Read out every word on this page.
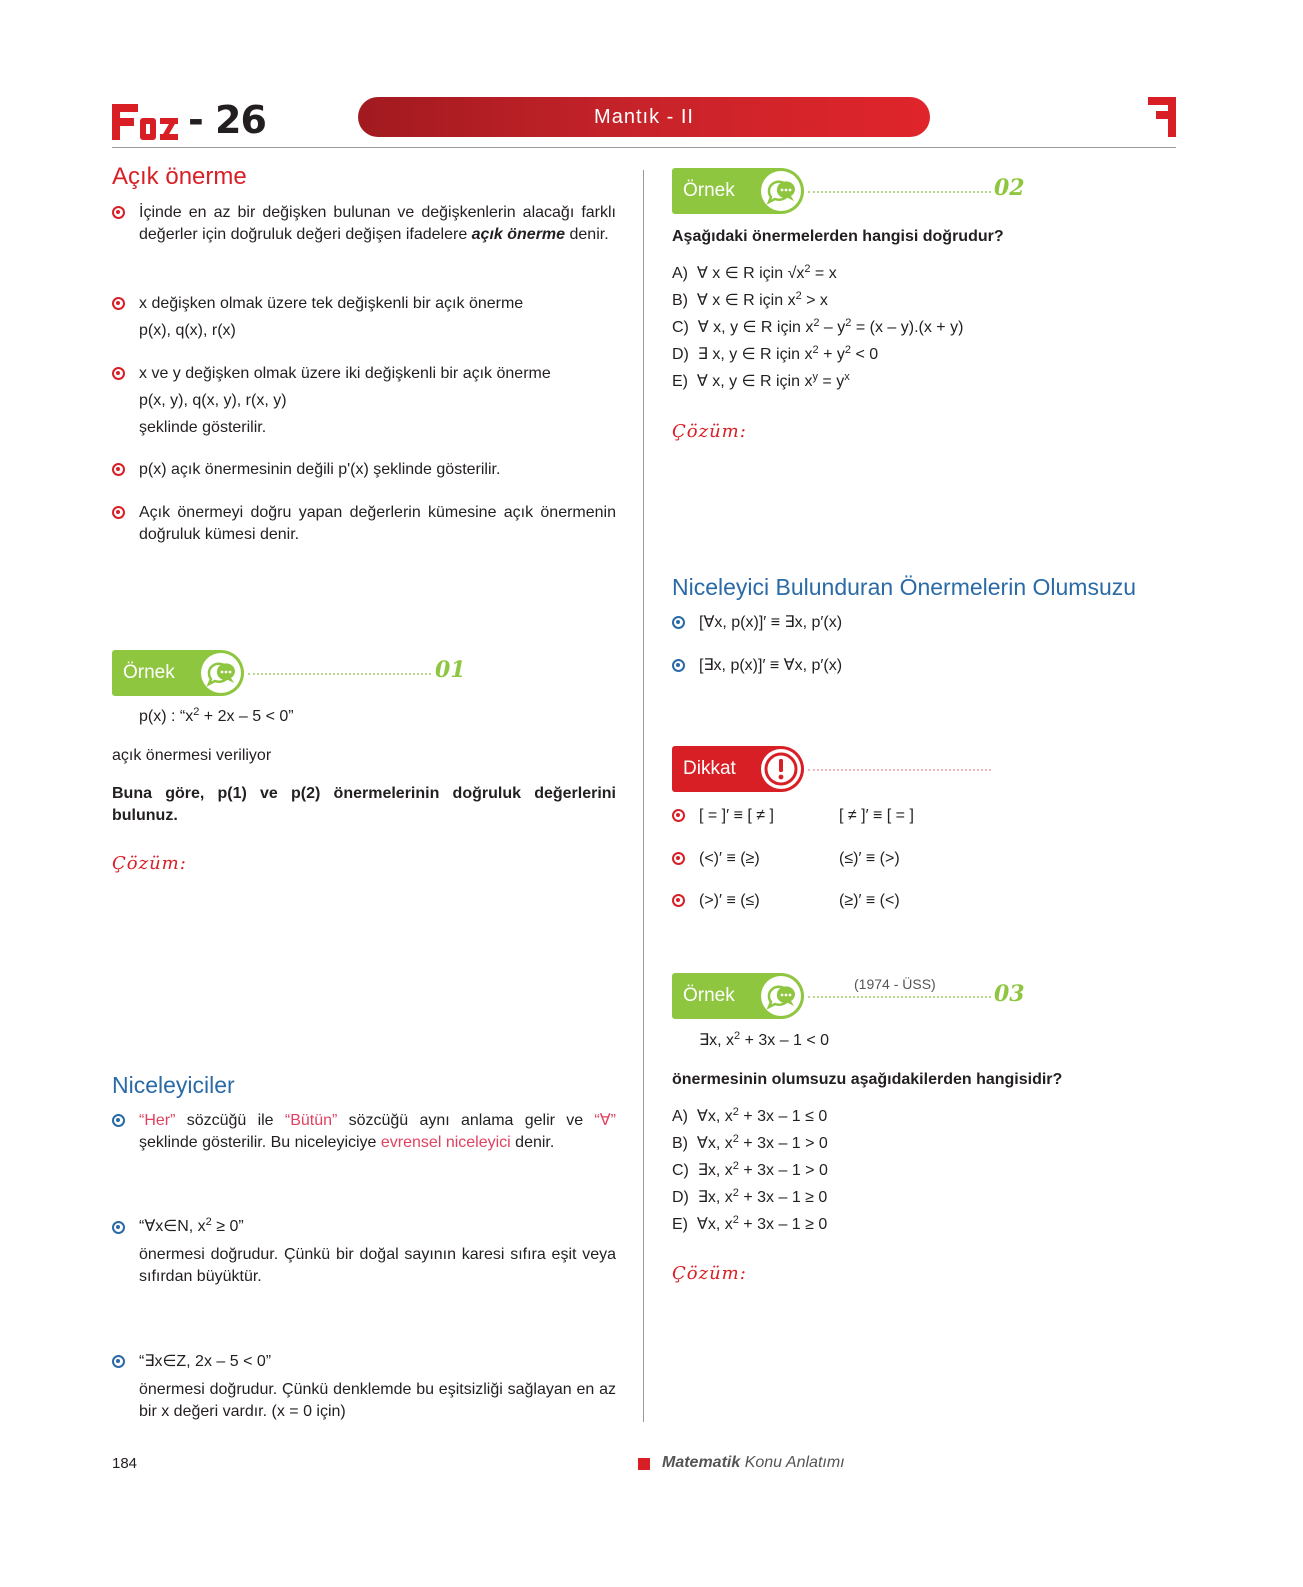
- 26	Mantık - II
Açık önerme
İçinde en az bir değişken bulunan ve değişkenlerin alacağı farklı değerler için doğruluk değeri değişen ifadelere açık önerme denir.
x değişken olmak üzere tek değişkenli bir açık önerme
p(x), q(x), r(x)
x ve y değişken olmak üzere iki değişkenli bir açık önerme
p(x, y), q(x, y), r(x, y)
şeklinde gösterilir.
p(x) açık önermesinin değili p'(x) şeklinde gösterilir.
Açık önermeyi doğru yapan değerlerin kümesine açık önermenin doğruluk kümesi denir.
Örnek	01
p(x) : “$x^2 + 2x - 5 < 0$”
açık önermesi veriliyor
Buna göre, p(1) ve p(2) önermelerinin doğruluk değerlerini bulunuz.
Çözüm:
Niceleyiciler
“Her” sözcüğü ile “Bütün” sözcüğü aynı anlama gelir ve “∀” şeklinde gösterilir. Bu niceleyiciye evrensel niceleyici denir.
“∀x∈N, $x^2 \ge 0$”
önermesi doğrudur. Çünkü bir doğal sayının karesi sıfıra eşit veya sıfırdan büyüktür.
“∃x∈Z, 2x – 5 < 0”
önermesi doğrudur. Çünkü denklemde bu eşitsizliği sağlayan en az bir x değeri vardır. (x = 0 için)
Örnek	02
Aşağıdaki önermelerden hangisi doğrudur?
A) ∀ x ∈ R için $√x^2 = x$
B) ∀ x ∈ R için $x^2 > x$
C) ∀ x, y ∈ R için $x^2 - y^2 = (x - y).(x + y)$
D) ∃ x, y ∈ R için $x^2 + y^2 < 0$
E) ∀ x, y ∈ R için $x^y = y^x$
Çözüm:
Niceleyici Bulunduran Önermelerin Olumsuzu
[∀x, p(x)]′ ≡ ∃x, p′(x)
[∃x, p(x)]′ ≡ ∀x, p′(x)
Dikkat
[ = ]′ ≡ [ ≠ ]	[ ≠ ]′ ≡ [ = ]
(<)′ ≡ (≥)	(≤)′ ≡ (>)
(>)′ ≡ (≤)	(≥)′ ≡ (<)
Örnek
(1974 - ÜSS)	03
∃x, $x^2 + 3x - 1 < 0$
önermesinin olumsuzu aşağıdakilerden hangisidir?
A) ∀x, $x^2 + 3x - 1 \le 0$
B) ∀x, $x^2 + 3x - 1 > 0$
C) ∃x, $x^2 + 3x - 1 > 0$
D) ∃x, $x^2 + 3x - 1 \ge 0$
E) ∀x, $x^2 + 3x - 1 \ge 0$
Çözüm:
184	Matematik Konu Anlatımı
